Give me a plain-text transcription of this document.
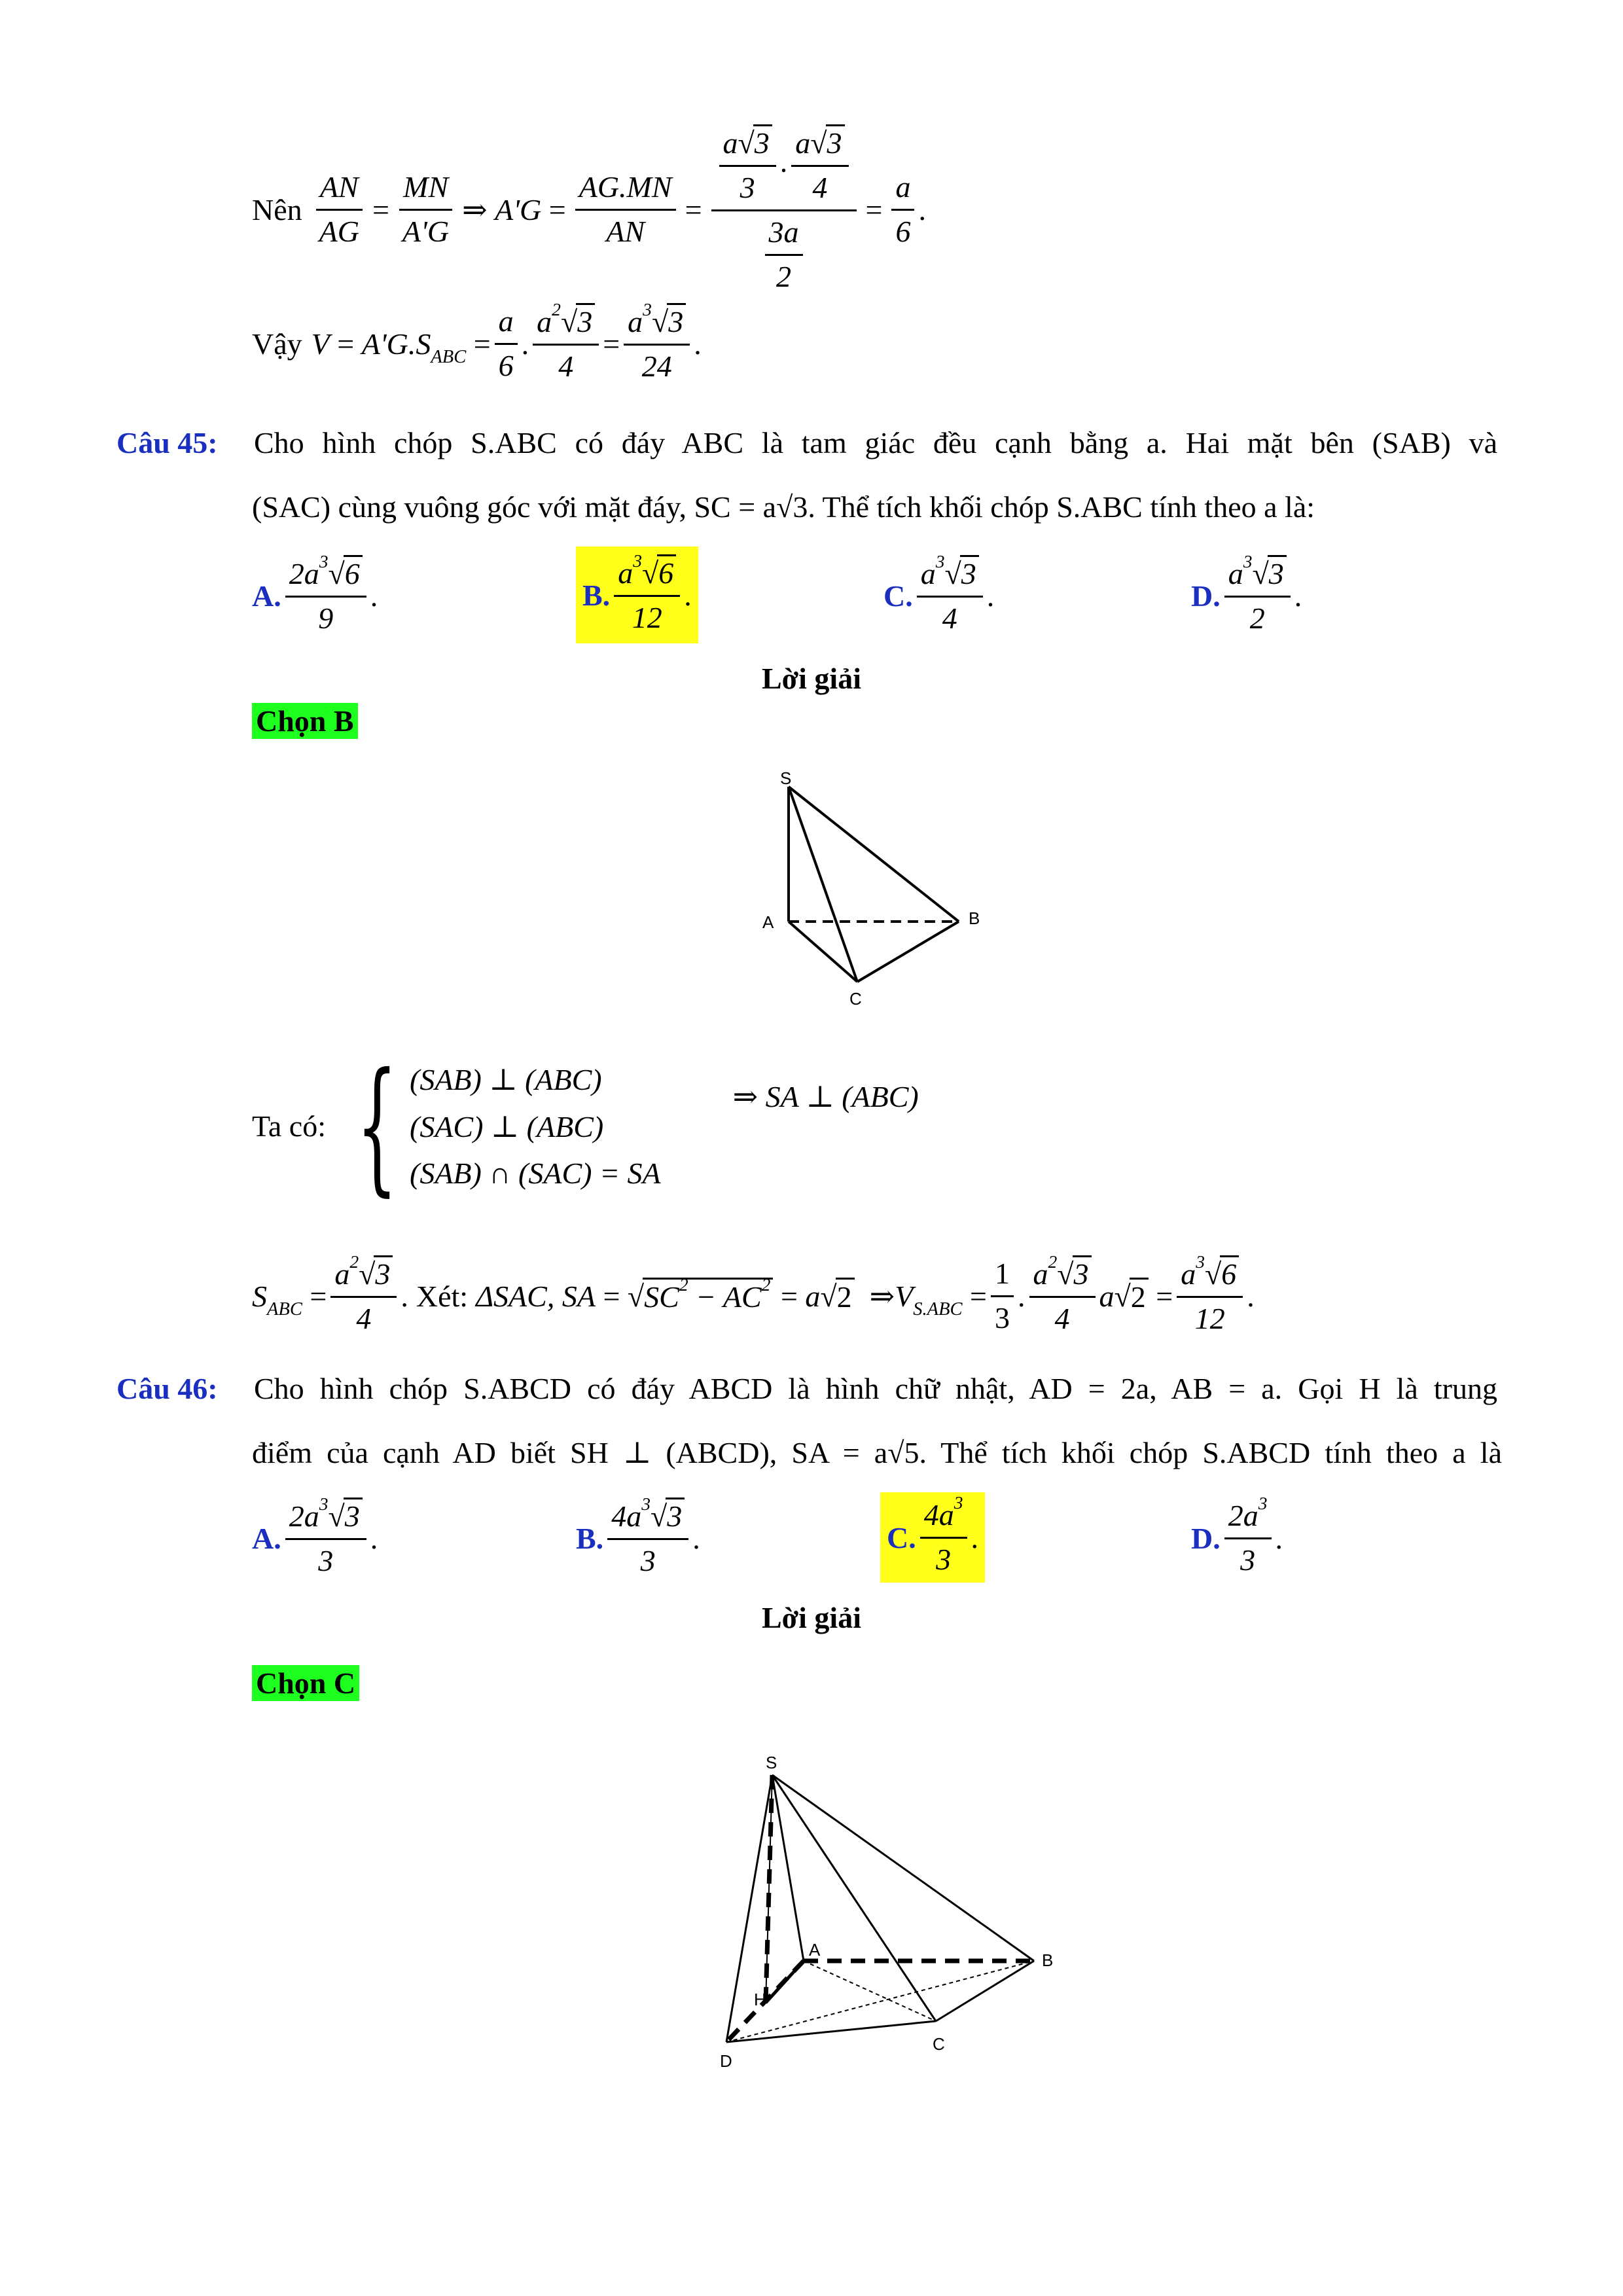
Nên $\frac{AN}{AG} = \frac{MN}{A'G}$ ⇒ $A'G = \frac{AG.MN}{AN} = \frac{\frac{a√3}{3} . \frac{a√3}{4}}{\frac{3a}{2}} = \frac{a}{6}$ .
Vậy $V = A'G.S_{ABC} = \frac{a}{6}$ . $\frac{a^2√3}{4} = \frac{a^3√3}{24}$ .
Câu 45:	Cho hình chóp S.ABC có đáy ABC là tam giác đều cạnh bằng a. Hai mặt bên (SAB) và
(SAC) cùng vuông góc với mặt đáy, SC = a√3. Thể tích khối chóp S.ABC tính theo a là:
A. $\frac{2a^3√6}{9}$ .	B. $\frac{a^3√6}{12}$ .	C. $\frac{a^3√3}{4}$ .	D. $\frac{a^3√3}{2}$ .
Lời giải
Chọn B
S
A	B
C
Ta có: { (SAB) ⊥ (ABC)
(SAC) ⊥ (ABC)
(SAB) ∩ (SAC) = SA
⇒ SA ⊥ (ABC)
$S_{ABC} = \frac{a^2√3}{4}$ . Xét: ΔSAC, SA = √ $SC^2 - AC^2 = a$ √ 2 ⇒ $V_{S.ABC} = \frac{1}{3}$ . $\frac{a^2√3}{4}$ a √ $2 = \frac{a^3√6}{12}$ .
Câu 46:	Cho hình chóp S.ABCD có đáy ABCD là hình chữ nhật, AD = 2a, AB = a. Gọi H là trung
điểm của cạnh AD biết SH ⊥ (ABCD), SA = a√5. Thể tích khối chóp S.ABCD tính theo a là
A. $\frac{2a^3√3}{3}$ .	B. $\frac{4a^3√3}{3}$ .	C. $\frac{4a^3}{3}$ .	D. $\frac{2a^3}{3}$ .
Lời giải
Chọn C
S
A
B
C
D
H
